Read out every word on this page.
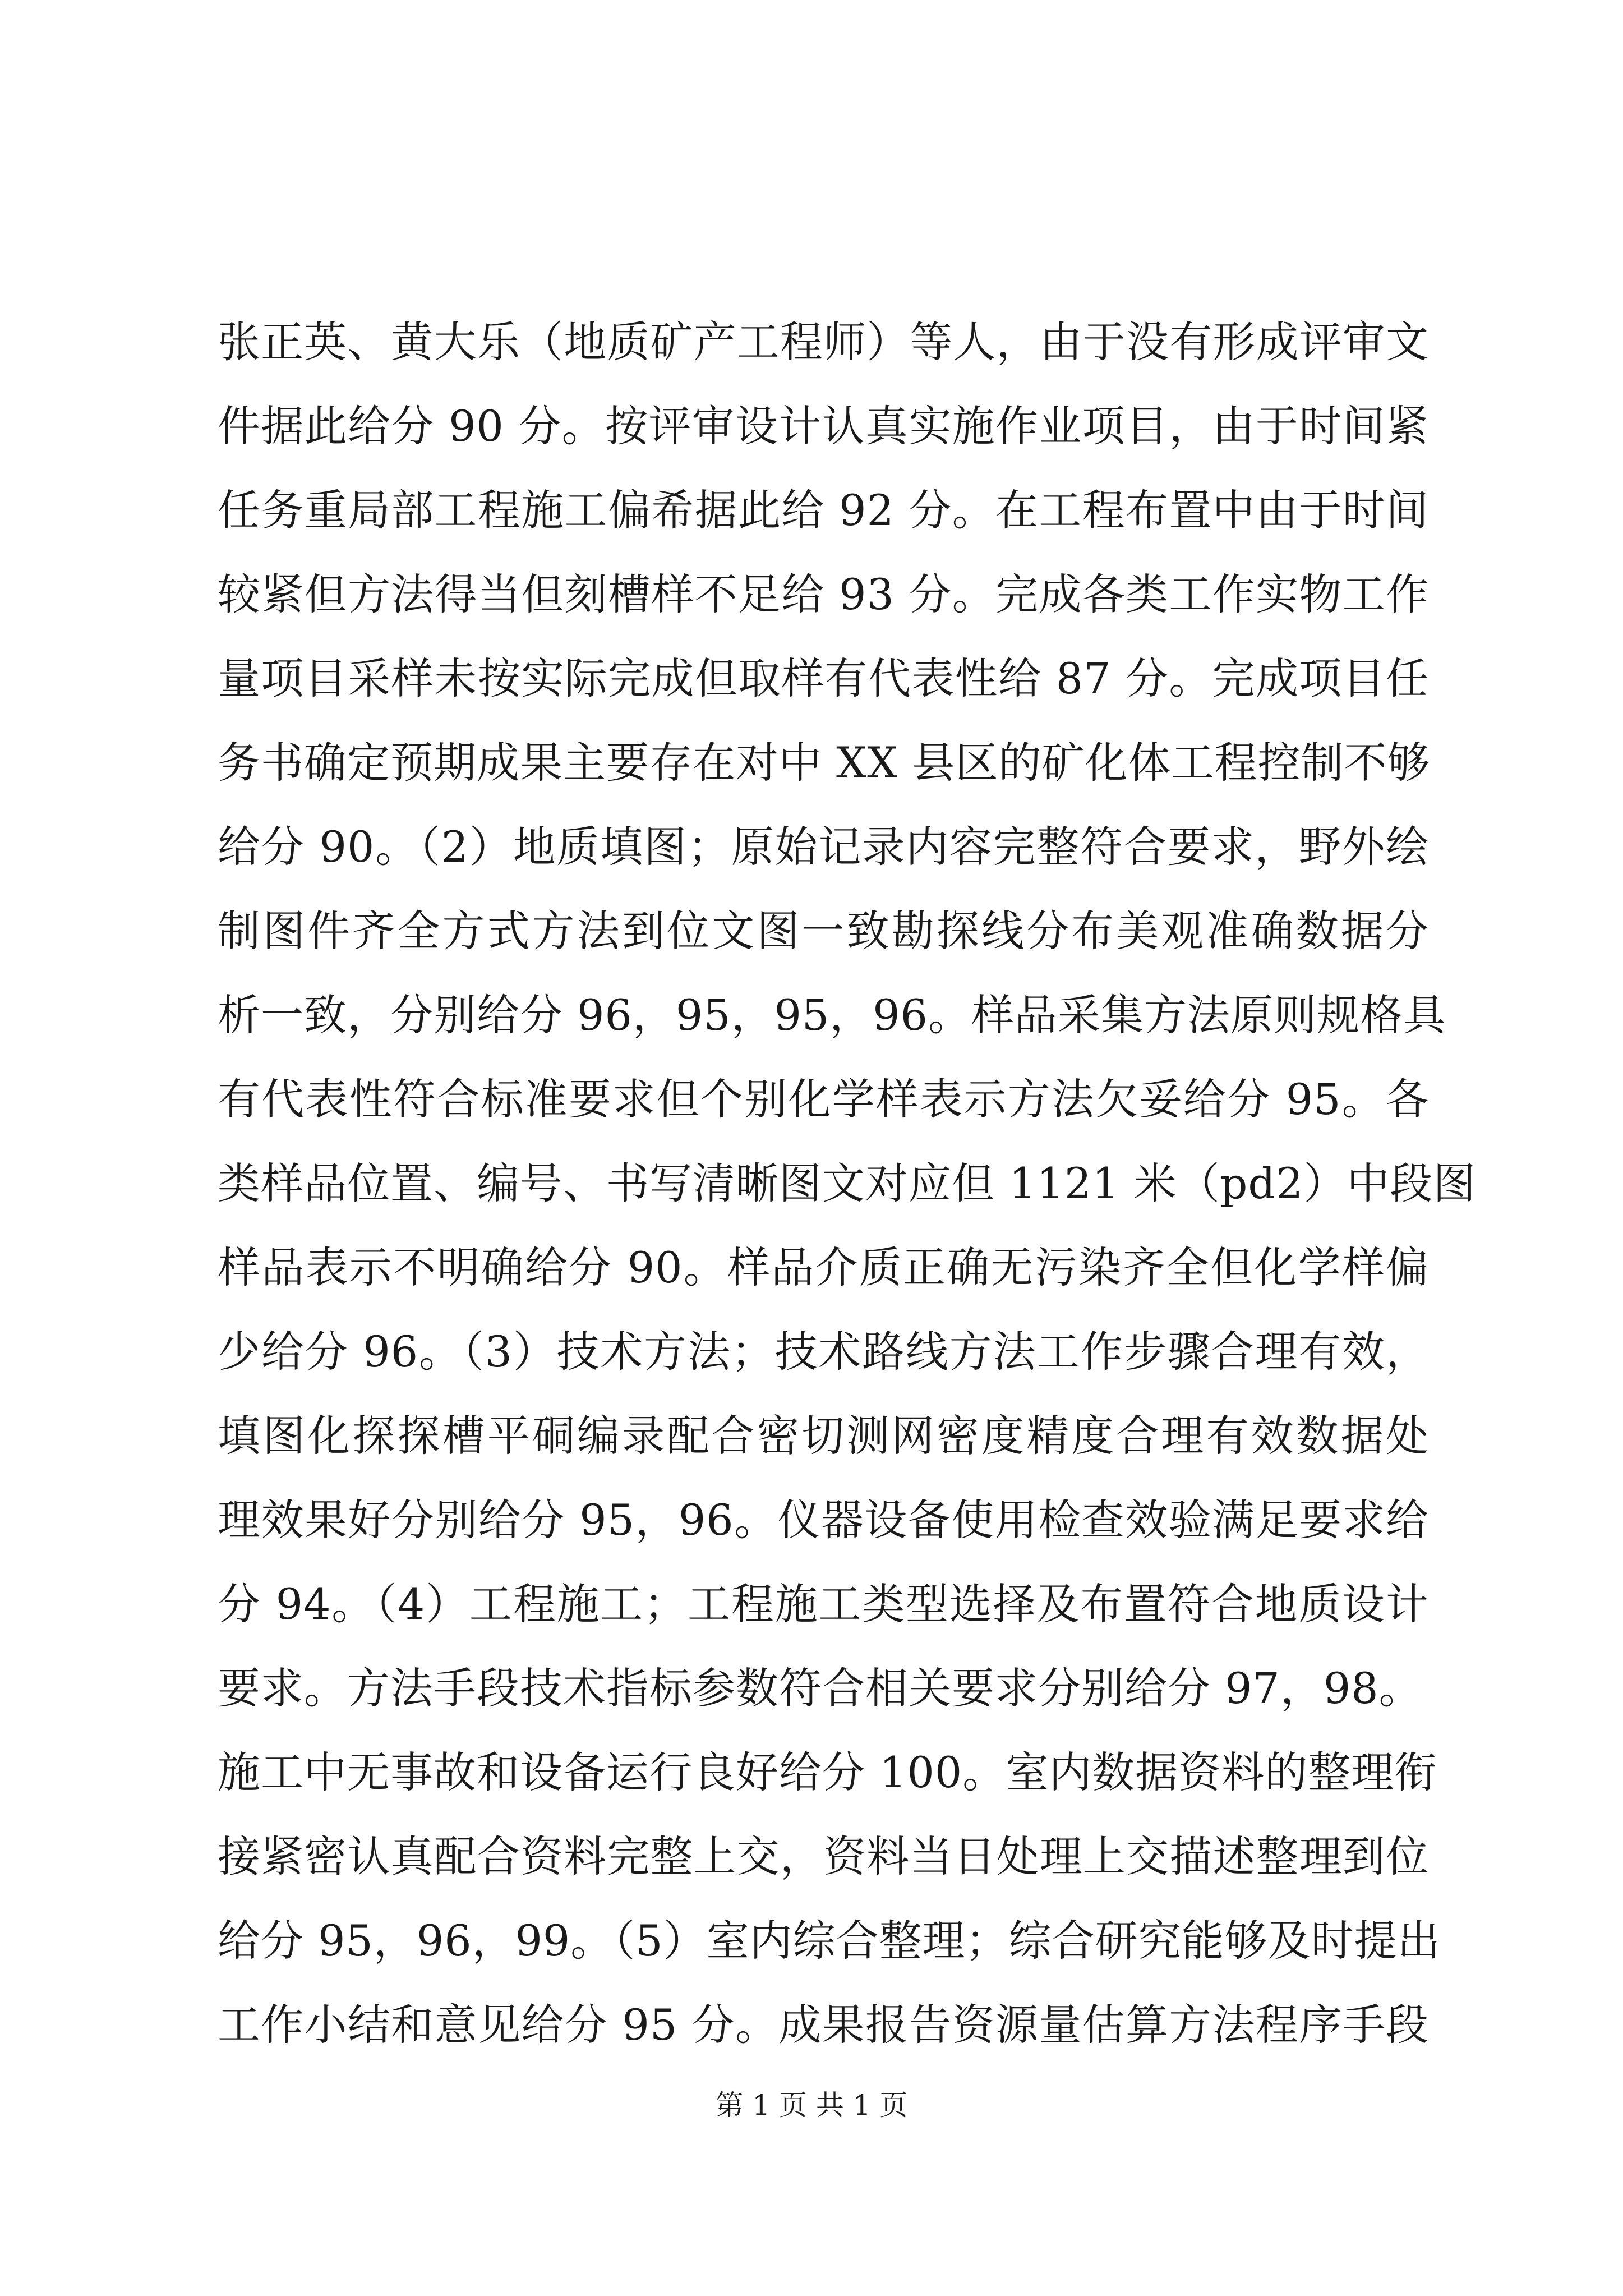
张正英、黄大乐（地质矿产工程师）等人，由于没有形成评审文
件据此给分 90 分。按评审设计认真实施作业项目，由于时间紧
任务重局部工程施工偏希据此给 92 分。在工程布置中由于时间
较紧但方法得当但刻槽样不足给 93 分。完成各类工作实物工作
量项目采样未按实际完成但取样有代表性给 87 分。完成项目任
务书确定预期成果主要存在对中 XX 县区的矿化体工程控制不够
给分 90。（2）地质填图；原始记录内容完整符合要求，野外绘
制图件齐全方式方法到位文图一致勘探线分布美观准确数据分
析一致，分别给分 96，95，95，96。样品采集方法原则规格具
有代表性符合标准要求但个别化学样表示方法欠妥给分 95。各
类样品位置、编号、书写清晰图文对应但 1121 米（pd2）中段图
样品表示不明确给分 90。样品介质正确无污染齐全但化学样偏
少给分 96。（3）技术方法；技术路线方法工作步骤合理有效，
填图化探探槽平硐编录配合密切测网密度精度合理有效数据处
理效果好分别给分 95，96。仪器设备使用检查效验满足要求给
分 94。（4）工程施工；工程施工类型选择及布置符合地质设计
要求。方法手段技术指标参数符合相关要求分别给分 97，98。
施工中无事故和设备运行良好给分 100。室内数据资料的整理衔
接紧密认真配合资料完整上交，资料当日处理上交描述整理到位
给分 95，96，99。（5）室内综合整理；综合研究能够及时提出
工作小结和意见给分 95 分。成果报告资源量估算方法程序手段
第 1 页 共 1 页
